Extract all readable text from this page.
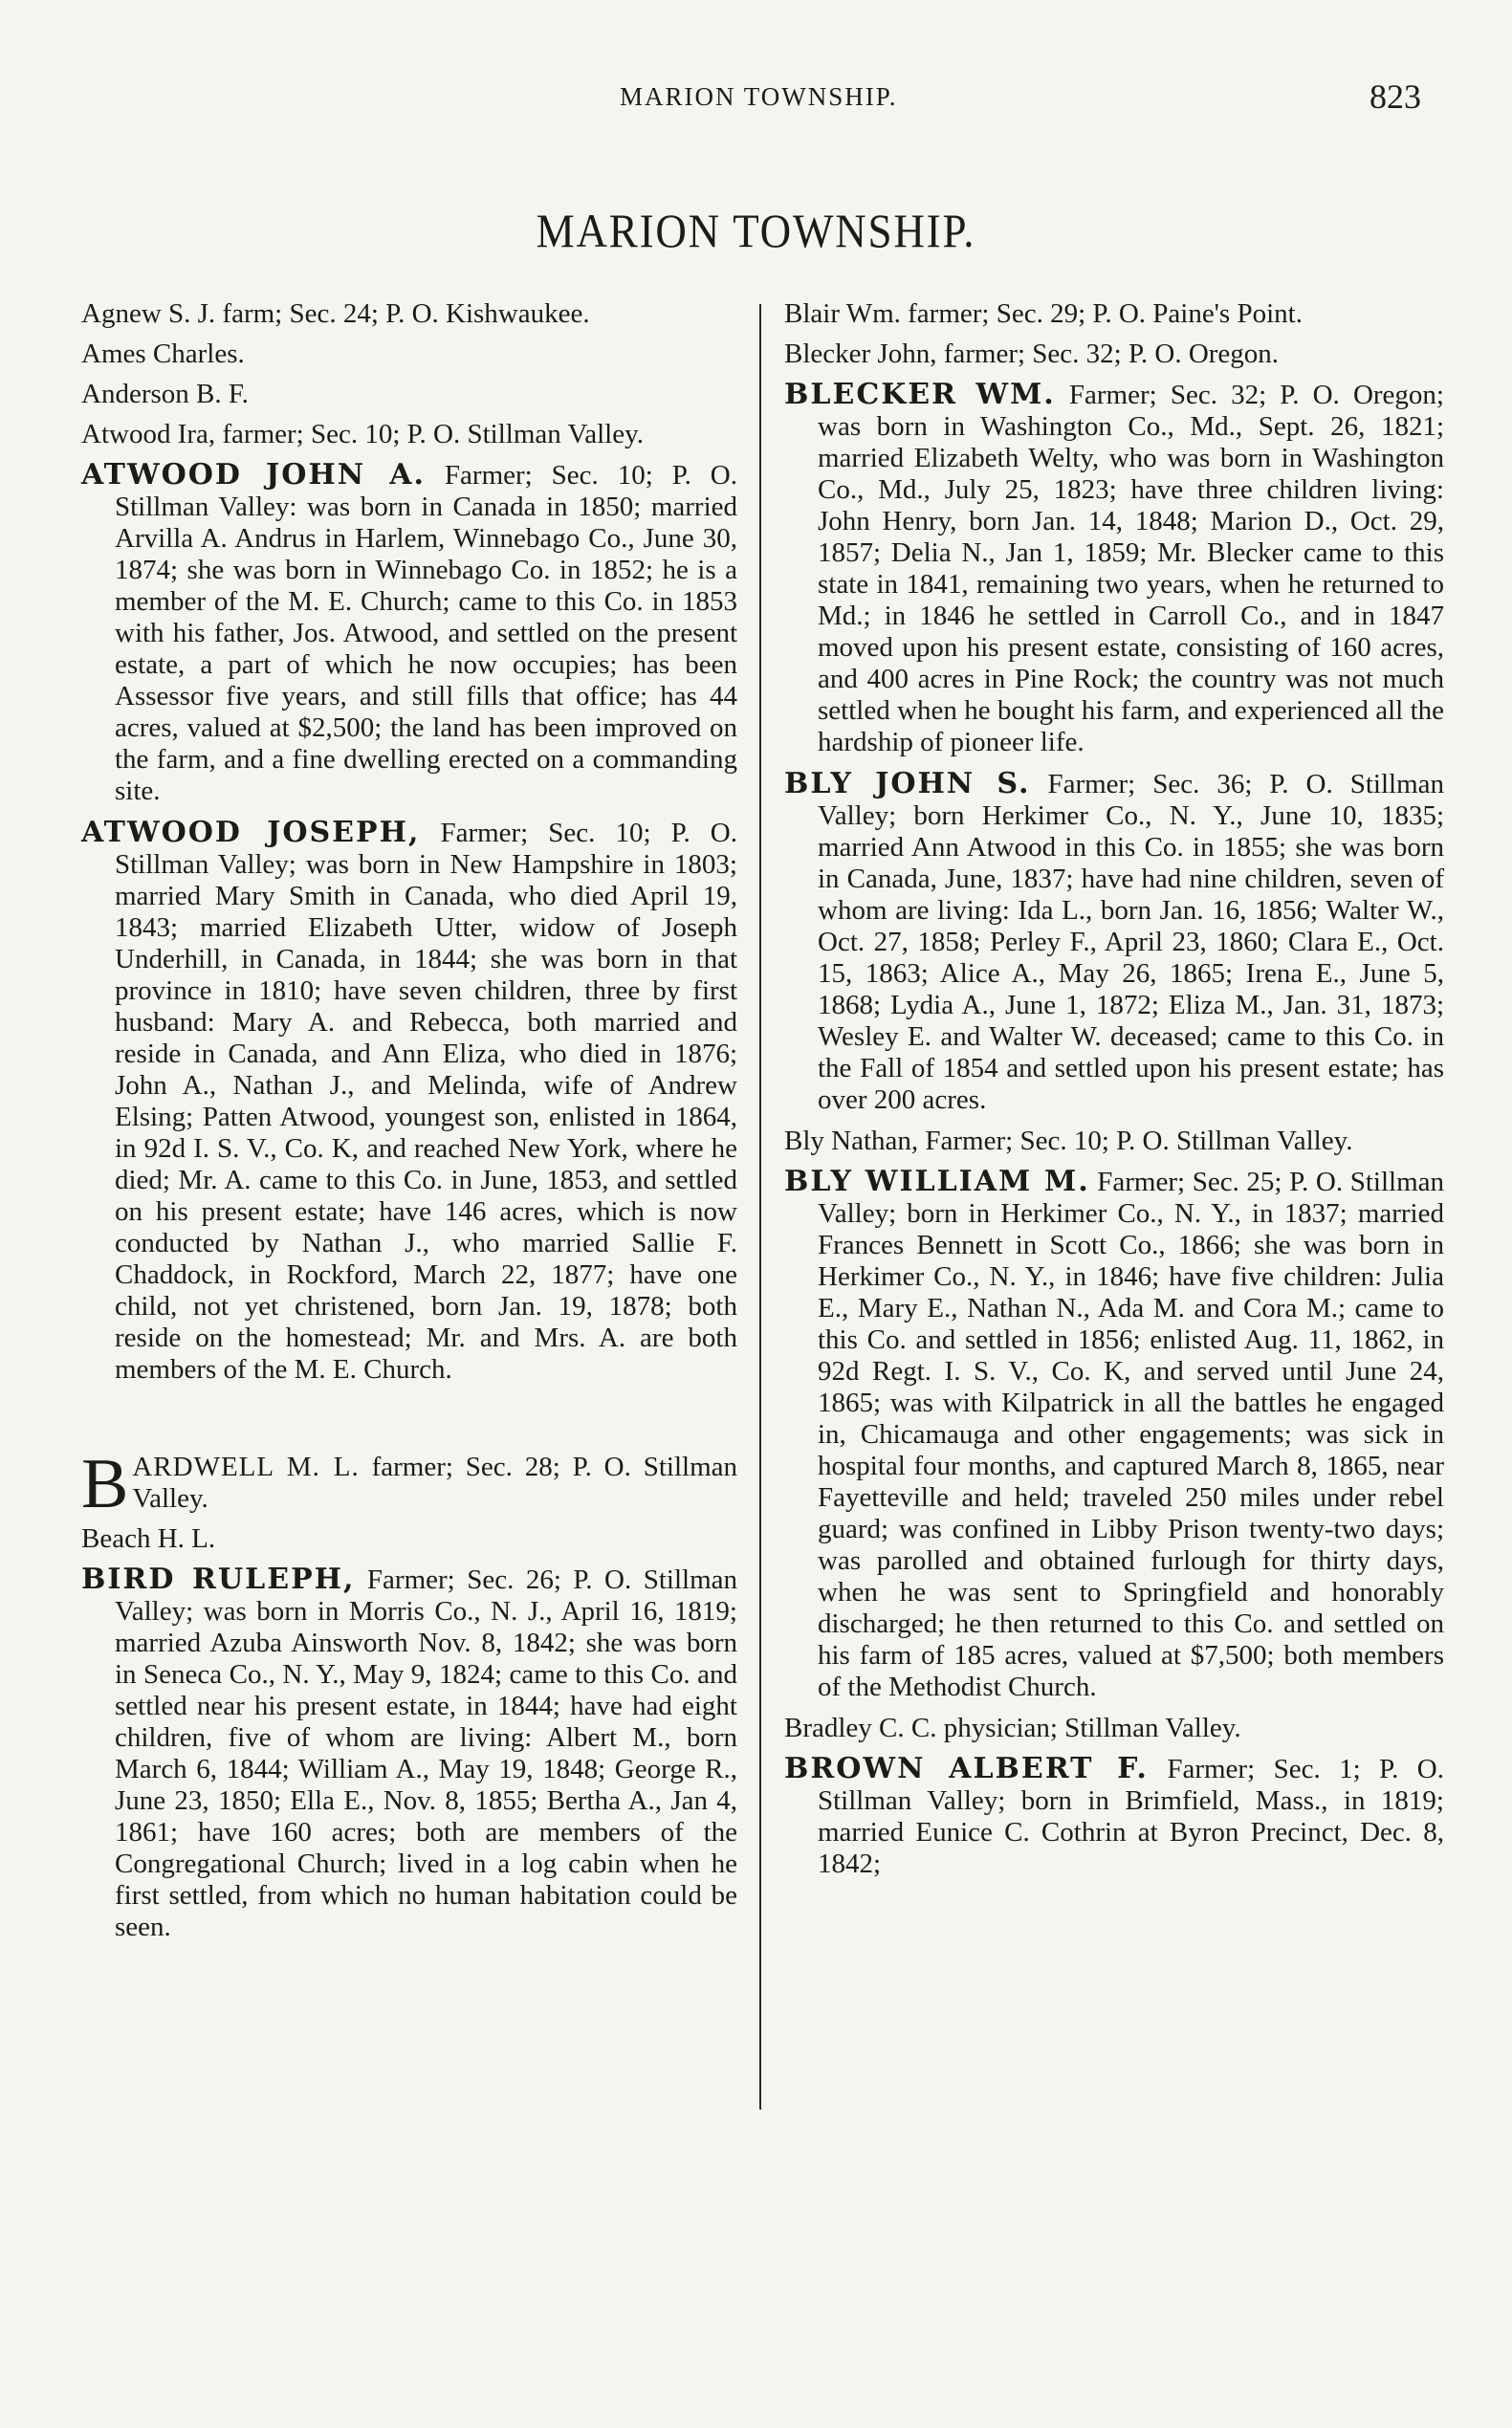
MARION TOWNSHIP.	823
MARION TOWNSHIP.

Agnew S. J. farm; Sec. 24; P. O. Kishwaukee.

Ames Charles.

Anderson B. F.

Atwood Ira, farmer; Sec. 10; P. O. Stillman Valley.

ATWOOD JOHN A. Farmer; Sec. 10; P. O. Stillman Valley: was born in Canada in 1850; married Arvilla A. Andrus in Harlem, Winnebago Co., June 30, 1874; she was born in Winnebago Co. in 1852; he is a member of the M. E. Church; came to this Co. in 1853 with his father, Jos. Atwood, and settled on the present estate, a part of which he now occupies; has been Assessor five years, and still fills that office; has 44 acres, valued at $2,500; the land has been improved on the farm, and a fine dwelling erected on a commanding site.

ATWOOD JOSEPH, Farmer; Sec. 10; P. O. Stillman Valley; was born in New Hampshire in 1803; married Mary Smith in Canada, who died April 19, 1843; married Elizabeth Utter, widow of Joseph Underhill, in Canada, in 1844; she was born in that province in 1810; have seven children, three by first husband: Mary A. and Rebecca, both married and reside in Canada, and Ann Eliza, who died in 1876; John A., Nathan J., and Melinda, wife of Andrew Elsing; Patten Atwood, youngest son, enlisted in 1864, in 92d I. S. V., Co. K, and reached New York, where he died; Mr. A. came to this Co. in June, 1853, and settled on his present estate; have 146 acres, which is now conducted by Nathan J., who married Sallie F. Chaddock, in Rockford, March 22, 1877; have one child, not yet christened, born Jan. 19, 1878; both reside on the homestead; Mr. and Mrs. A. are both members of the M. E. Church.

BARDWELL M. L. farmer; Sec. 28; P. O. Stillman Valley.

Beach H. L.

BIRD RULEPH, Farmer; Sec. 26; P. O. Stillman Valley; was born in Morris Co., N. J., April 16, 1819; married Azuba Ainsworth Nov. 8, 1842; she was born in Seneca Co., N. Y., May 9, 1824; came to this Co. and settled near his present estate, in 1844; have had eight children, five of whom are living: Albert M., born March 6, 1844; William A., May 19, 1848; George R., June 23, 1850; Ella E., Nov. 8, 1855; Bertha A., Jan 4, 1861; have 160 acres; both are members of the Congregational Church; lived in a log cabin when he first settled, from which no human habitation could be seen.

Blair Wm. farmer; Sec. 29; P. O. Paine's Point.

Blecker John, farmer; Sec. 32; P. O. Oregon.

BLECKER WM. Farmer; Sec. 32; P. O. Oregon; was born in Washington Co., Md., Sept. 26, 1821; married Elizabeth Welty, who was born in Washington Co., Md., July 25, 1823; have three children living: John Henry, born Jan. 14, 1848; Marion D., Oct. 29, 1857; Delia N., Jan 1, 1859; Mr. Blecker came to this state in 1841, remaining two years, when he returned to Md.; in 1846 he settled in Carroll Co., and in 1847 moved upon his present estate, consisting of 160 acres, and 400 acres in Pine Rock; the country was not much settled when he bought his farm, and experienced all the hardship of pioneer life.

BLY JOHN S. Farmer; Sec. 36; P. O. Stillman Valley; born Herkimer Co., N. Y., June 10, 1835; married Ann Atwood in this Co. in 1855; she was born in Canada, June, 1837; have had nine children, seven of whom are living: Ida L., born Jan. 16, 1856; Walter W., Oct. 27, 1858; Perley F., April 23, 1860; Clara E., Oct. 15, 1863; Alice A., May 26, 1865; Irena E., June 5, 1868; Lydia A., June 1, 1872; Eliza M., Jan. 31, 1873; Wesley E. and Walter W. deceased; came to this Co. in the Fall of 1854 and settled upon his present estate; has over 200 acres.

Bly Nathan, Farmer; Sec. 10; P. O. Stillman Valley.

BLY WILLIAM M. Farmer; Sec. 25; P. O. Stillman Valley; born in Herkimer Co., N. Y., in 1837; married Frances Bennett in Scott Co., 1866; she was born in Herkimer Co., N. Y., in 1846; have five children: Julia E., Mary E., Nathan N., Ada M. and Cora M.; came to this Co. and settled in 1856; enlisted Aug. 11, 1862, in 92d Regt. I. S. V., Co. K, and served until June 24, 1865; was with Kilpatrick in all the battles he engaged in, Chicamauga and other engagements; was sick in hospital four months, and captured March 8, 1865, near Fayetteville and held; traveled 250 miles under rebel guard; was confined in Libby Prison twenty-two days; was parolled and obtained furlough for thirty days, when he was sent to Springfield and honorably discharged; he then returned to this Co. and settled on his farm of 185 acres, valued at $7,500; both members of the Methodist Church.

Bradley C. C. physician; Stillman Valley.

BROWN ALBERT F. Farmer; Sec. 1; P. O. Stillman Valley; born in Brimfield, Mass., in 1819; married Eunice C. Cothrin at Byron Precinct, Dec. 8, 1842;
